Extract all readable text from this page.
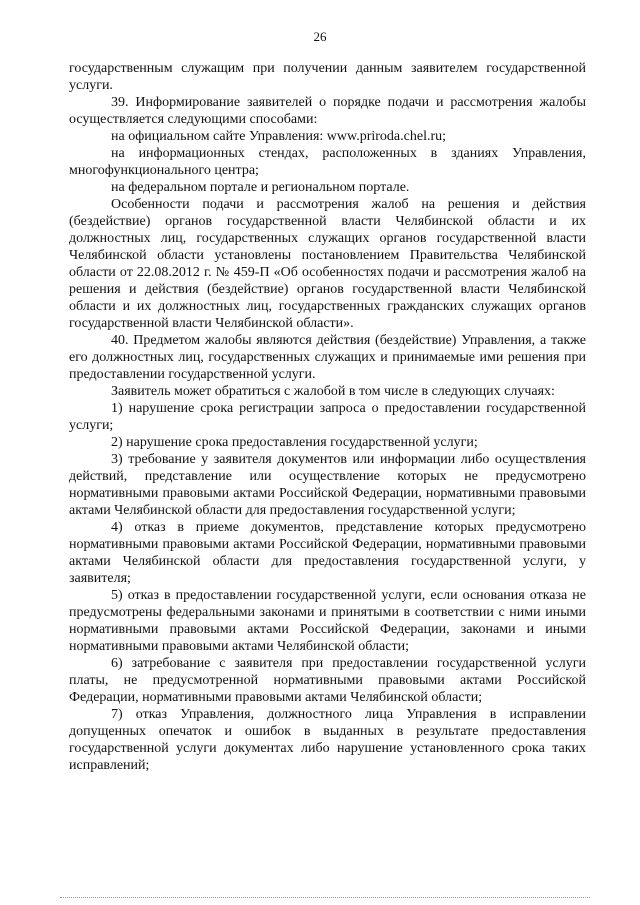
26

государственным служащим при получении данным заявителем государственной услуги.

39. Информирование заявителей о порядке подачи и рассмотрения жалобы осуществляется следующими способами:

на официальном сайте Управления: www.priroda.chel.ru;

на информационных стендах, расположенных в зданиях Управления, многофункционального центра;

на федеральном портале и региональном портале.

Особенности подачи и рассмотрения жалоб на решения и действия (бездействие) органов государственной власти Челябинской области и их должностных лиц, государственных служащих органов государственной власти Челябинской области установлены постановлением Правительства Челябинской области от 22.08.2012 г. № 459-П «Об особенностях подачи и рассмотрения жалоб на решения и действия (бездействие) органов государственной власти Челябинской области и их должностных лиц, государственных гражданских служащих органов государственной власти Челябинской области».

40. Предметом жалобы являются действия (бездействие) Управления, а также его должностных лиц, государственных служащих и принимаемые ими решения при предоставлении государственной услуги.

Заявитель может обратиться с жалобой в том числе в следующих случаях:

1) нарушение срока регистрации запроса о предоставлении государственной услуги;

2) нарушение срока предоставления государственной услуги;

3) требование у заявителя документов или информации либо осуществления действий, представление или осуществление которых не предусмотрено нормативными правовыми актами Российской Федерации, нормативными правовыми актами Челябинской области для предоставления государственной услуги;

4) отказ в приеме документов, представление которых предусмотрено нормативными правовыми актами Российской Федерации, нормативными правовыми актами Челябинской области для предоставления государственной услуги, у заявителя;

5) отказ в предоставлении государственной услуги, если основания отказа не предусмотрены федеральными законами и принятыми в соответствии с ними иными нормативными правовыми актами Российской Федерации, законами и иными нормативными правовыми актами Челябинской области;

6) затребование с заявителя при предоставлении государственной услуги платы, не предусмотренной нормативными правовыми актами Российской Федерации, нормативными правовыми актами Челябинской области;

7) отказ Управления, должностного лица Управления в исправлении допущенных опечаток и ошибок в выданных в результате предоставления государственной услуги документах либо нарушение установленного срока таких исправлений;
